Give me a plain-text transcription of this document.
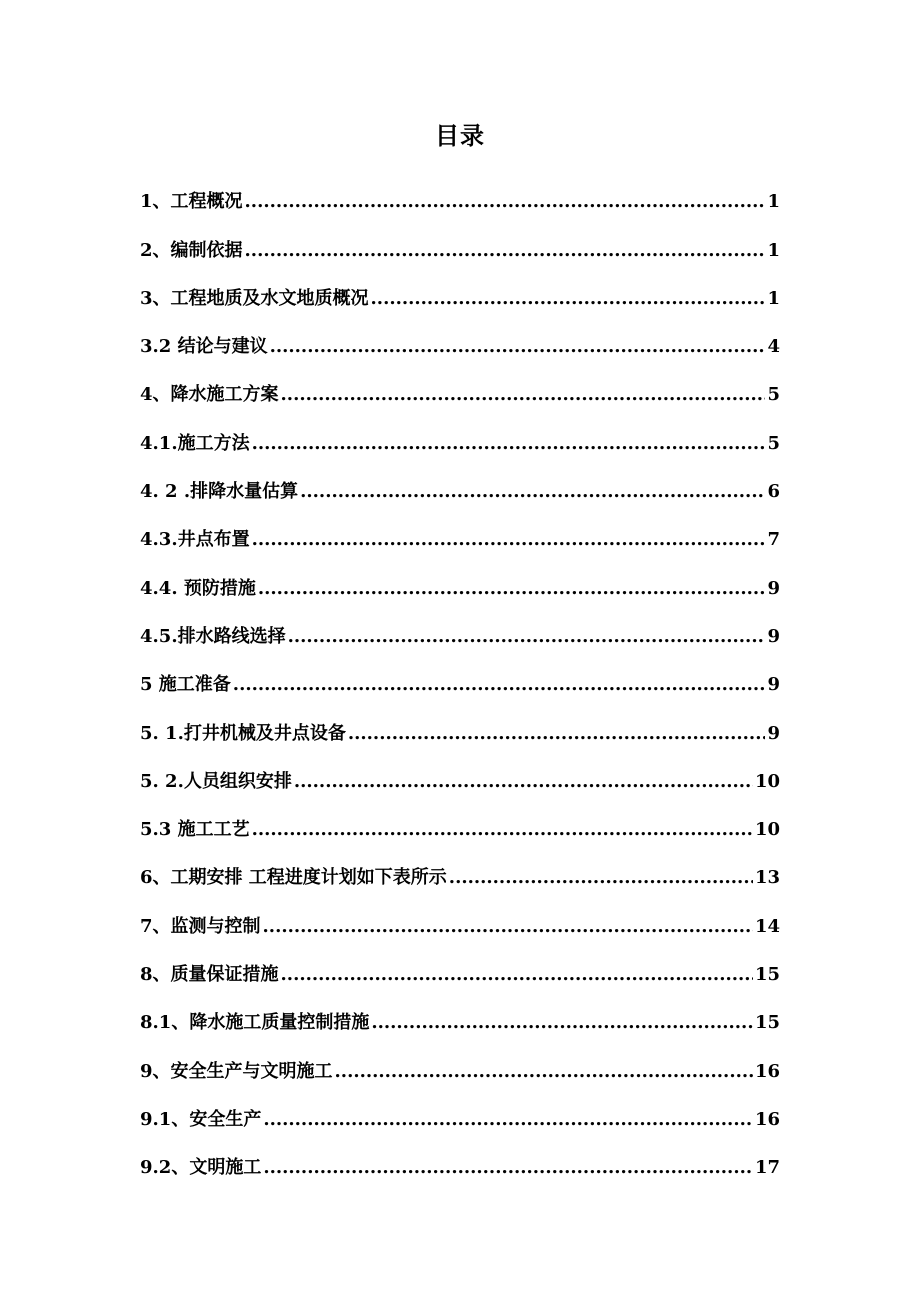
目录
1、工程概况 .....	1
2、编制依据 .....	1
3、工程地质及水文地质概况 .....	1
3.2 结论与建议 .....	4
4、降水施工方案 .....	5
4.1.施工方法 .....	5
4. 2 .排降水量估算 .....	6
4.3.井点布置 .....	7
4.4. 预防措施 .....	9
4.5.排水路线选择 .....	9
5 施工准备 .....	9
5. 1.打井机械及井点设备 .....	9
5. 2.人员组织安排 .....	10
5.3 施工工艺 .....	10
6、工期安排 工程进度计划如下表所示 .....	13
7、监测与控制 .....	14
8、质量保证措施 .....	15
8.1、降水施工质量控制措施 .....	15
9、安全生产与文明施工 .....	16
9.1、安全生产 .....	16
9.2、文明施工 .....	17
